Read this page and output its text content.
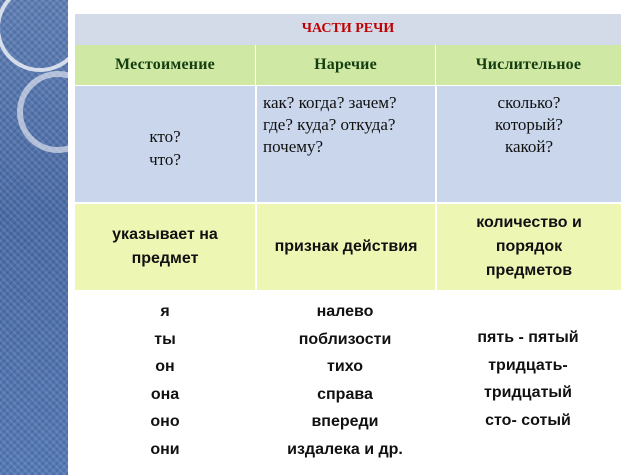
ЧАСТИ РЕЧИ
Местоимение	Наречие	Числительное
кто?
что?
как? когда? зачем?
где? куда? откуда?
почему?
сколько?
который?
какой?
указывает на
предмет
признак действия
количество и
порядок
предметов
я
ты
он
она
оно
они
налево
поблизости
тихо
справа
впереди
издалека и др.
пять - пятый
тридцать-
тридцатый
сто- сотый
